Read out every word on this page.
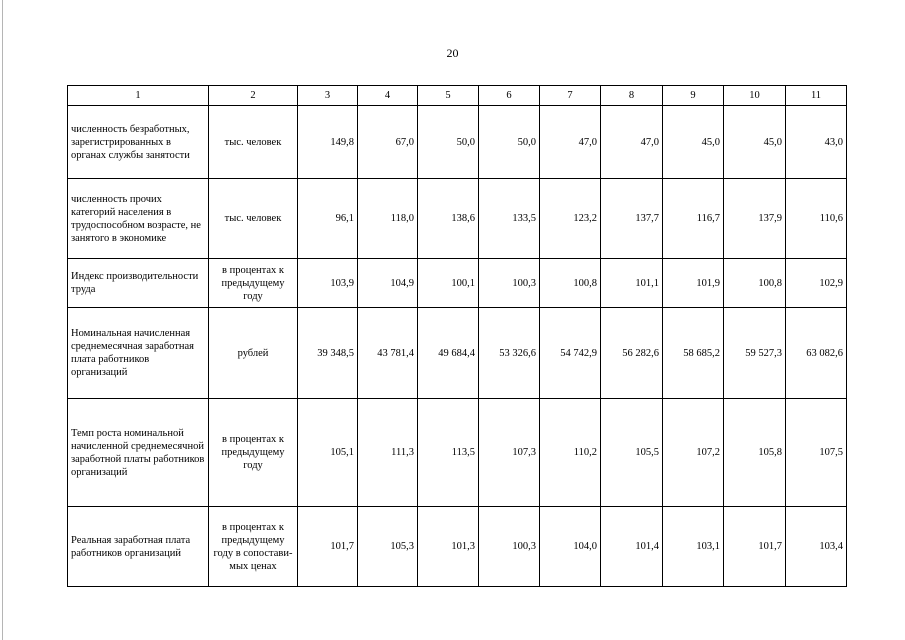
20
1	2	3	4	5	6	7	8	9	10	11
численность безработных, зарегистрированных в органах службы занятости	тыс. человек	149,8	67,0	50,0	50,0	47,0	47,0	45,0	45,0	43,0
численность прочих категорий населения в трудоспособном возрасте, не занятого в экономике	тыс. человек	96,1	118,0	138,6	133,5	123,2	137,7	116,7	137,9	110,6
Индекс производительности труда	в процентах к предыдущему году	103,9	104,9	100,1	100,3	100,8	101,1	101,9	100,8	102,9
Номинальная начисленная среднемесячная заработная плата работников организаций	рублей	39 348,5	43 781,4	49 684,4	53 326,6	54 742,9	56 282,6	58 685,2	59 527,3	63 082,6
Темп роста номинальной начисленной среднемесячной заработной платы работников организаций	в процентах к предыдущему году	105,1	111,3	113,5	107,3	110,2	105,5	107,2	105,8	107,5
Реальная заработная плата работников организаций	в процентах к предыдущему году в сопостави-мых ценах	101,7	105,3	101,3	100,3	104,0	101,4	103,1	101,7	103,4
